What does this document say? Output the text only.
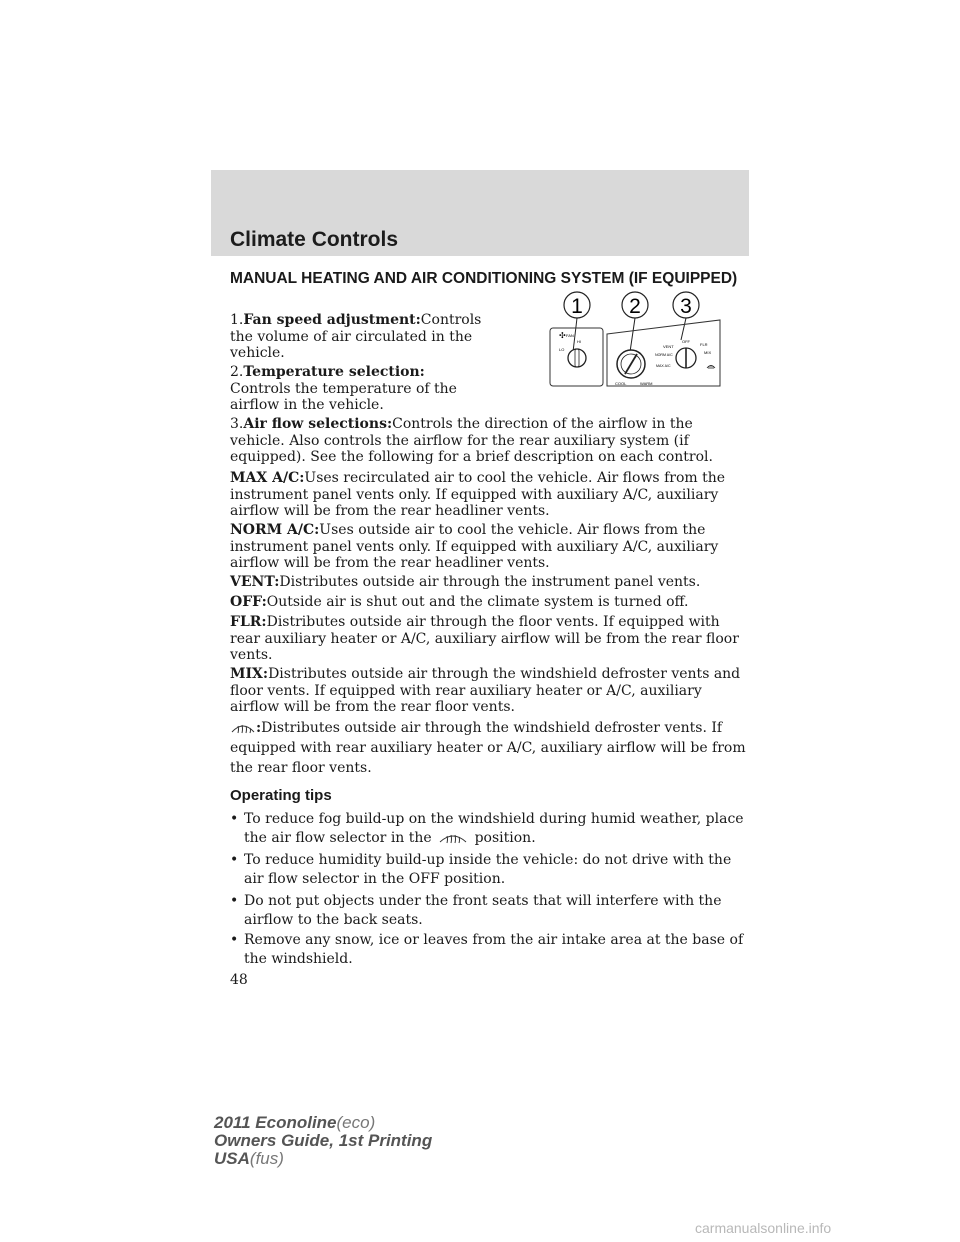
Climate Controls
MANUAL HEATING AND AIR CONDITIONING SYSTEM (IF EQUIPPED)
1 2 3
✣ FAN
HI
LO
COOL	WARM
OFF
VENT	FLR
MIX
NORM A/C
MAX A/C
1.Fan speed adjustment:Controls the volume of air circulated in the vehicle.
2.Temperature selection:
Controls the temperature of the airflow in the vehicle.
3.Air flow selections:Controls the direction of the airflow in the vehicle. Also controls the airflow for the rear auxiliary system (if equipped). See the following for a brief description on each control.
MAX A/C:Uses recirculated air to cool the vehicle. Air flows from the instrument panel vents only. If equipped with auxiliary A/C, auxiliary airflow will be from the rear headliner vents.
NORM A/C:Uses outside air to cool the vehicle. Air flows from the instrument panel vents only. If equipped with auxiliary A/C, auxiliary airflow will be from the rear headliner vents.
VENT:Distributes outside air through the instrument panel vents.
OFF:Outside air is shut out and the climate system is turned off.
FLR:Distributes outside air through the floor vents. If equipped with rear auxiliary heater or A/C, auxiliary airflow will be from the rear floor vents.
MIX:Distributes outside air through the windshield defroster vents and floor vents. If equipped with rear auxiliary heater or A/C, auxiliary airflow will be from the rear floor vents.
:Distributes outside air through the windshield defroster vents. If equipped with rear auxiliary heater or A/C, auxiliary airflow will be from the rear floor vents.
Operating tips
• To reduce fog build-up on the windshield during humid weather, place the air flow selector in the	position.
• To reduce humidity build-up inside the vehicle: do not drive with the air flow selector in the OFF position.
• Do not put objects under the front seats that will interfere with the airflow to the back seats.
• Remove any snow, ice or leaves from the air intake area at the base of the windshield.
48
2011 Econoline(eco)
Owners Guide, 1st Printing
USA(fus)
carmanualsonline.info
